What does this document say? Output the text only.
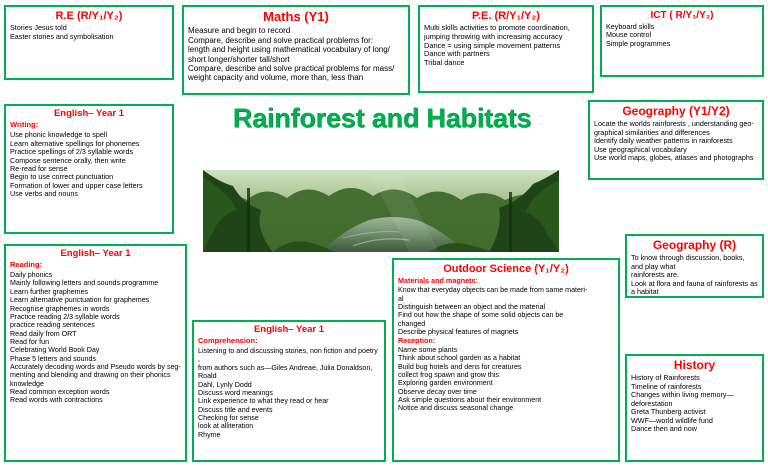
R.E (R/Y₁/Y₂)

Stories Jesus told
Easter stories and symbolisation

Maths (Y1)

Measure and begin to record
Compare, describe and solve practical problems for:
length and height using mathematical vocabulary of long/
short longer/shorter tall/short
Compare, describe and solve practical problems for mass/
weight capacity and volume, more than, less than

P.E. (R/Y₁/Y₂)

Multi skills activities to promote coordination,
jumping throwing with increasing accuracy
Dance = using simple movement patterns
Dance with partners
Tribal dance

ICT ( R/Y₁/Y₂)

Keyboard skills
Mouse control
Simple programmes

Geography (Y1/Y2)

Locate the worlds rainforests , understanding geo-
graphical similarities and differences
Identify daily weather patterns in rainforests
Use geographical vocabulary
Use world maps, globes, atlases and photographs

English– Year 1

Writing:

Use phonic knowledge to spell
Learn alternative spellings for phonemes
Practice spellings of 2/3 syllable words
Compose sentence orally, then write
Re-read for sense
Begin to use correct punctuation
Formation of lower and upper case letters
Use verbs and nouns

Geography (R)

To know through discussion, books, and play what
rainforests are.
Look at flora and fauna of rainforests as a habitat

English– Year 1

Reading:

Daily phonics
Mainly following letters and sounds programme
Learn further graphemes
Learn alternative punctuation for graphemes
Recognise graphemes in words
Practice reading 2/3 syllable words
practice reading sentences
Read daily from ORT
Read for fun
Celebrating World Book Day
Phase 5 letters and sounds
Accurately decoding words and Pseudo words by seg-
menting and blending and drawing on their phonics
knowledge
Read common exception words
Read words with contractions

English– Year 1

Comprehension:

Listening to and discussing stories, non fiction and poetry ,
from authors such as—Giles Andreae, Julia Donaldson, Roald
Dahl, Lynly Dodd
Discuss word meanings
Link experience to what they read or hear
Discuss title and events
Checking for sense
look at alliteration
Rhyme

Outdoor Science (Y₁/Y₂)

Materials and magnets:

Know that everyday objects can be made from same materi-
al
Distinguish between an object and the material
Find out how the shape of some solid objects can be
changed
Describe physical features of magnets

Reception:

Name some plants
Think about school garden as a habitat
Build bug hotels and dens for creatures
collect frog spawn and grow this
Exploring garden environment
Observe decay over time
Ask simple questions about their environment
Notice and discuss seasonal change

History

History of Rainforests
Timeline of rainforests
Changes within living memory— deforestation
Greta Thunberg activist
WWF—world wildlife fund
Dance then and now
Rainforest and Habitats
